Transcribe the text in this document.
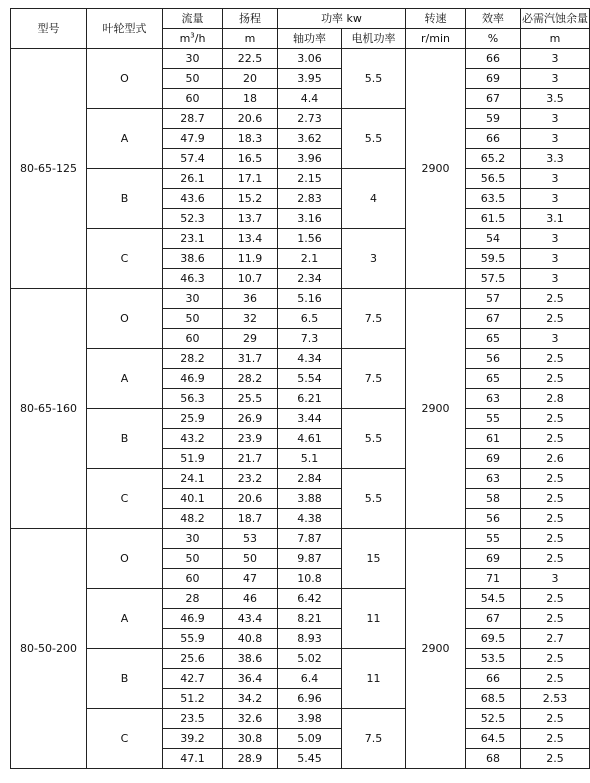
型号	叶轮型式	流量	扬程	功率 kw		转速	效率	必需汽蚀余量
		$m^3/h$	m	轴功率	电机功率	r/min	%	m
80-65-125	O	30	22.5	3.06	5.5	2900	66	3
		50	20	3.95			69	3
		60	18	4.4			67	3.5
	A	28.7	20.6	2.73	5.5		59	3
		47.9	18.3	3.62			66	3
		57.4	16.5	3.96			65.2	3.3
	B	26.1	17.1	2.15	4		56.5	3
		43.6	15.2	2.83			63.5	3
		52.3	13.7	3.16			61.5	3.1
	C	23.1	13.4	1.56	3		54	3
		38.6	11.9	2.1			59.5	3
		46.3	10.7	2.34			57.5	3
80-65-160	O	30	36	5.16	7.5	2900	57	2.5
		50	32	6.5			67	2.5
		60	29	7.3			65	3
	A	28.2	31.7	4.34	7.5		56	2.5
		46.9	28.2	5.54			65	2.5
		56.3	25.5	6.21			63	2.8
	B	25.9	26.9	3.44	5.5		55	2.5
		43.2	23.9	4.61			61	2.5
		51.9	21.7	5.1			69	2.6
	C	24.1	23.2	2.84	5.5		63	2.5
		40.1	20.6	3.88			58	2.5
		48.2	18.7	4.38			56	2.5
80-50-200	O	30	53	7.87	15	2900	55	2.5
		50	50	9.87			69	2.5
		60	47	10.8			71	3
	A	28	46	6.42	11		54.5	2.5
		46.9	43.4	8.21			67	2.5
		55.9	40.8	8.93			69.5	2.7
	B	25.6	38.6	5.02	11		53.5	2.5
		42.7	36.4	6.4			66	2.5
		51.2	34.2	6.96			68.5	2.53
	C	23.5	32.6	3.98	7.5		52.5	2.5
		39.2	30.8	5.09			64.5	2.5
		47.1	28.9	5.45			68	2.5
